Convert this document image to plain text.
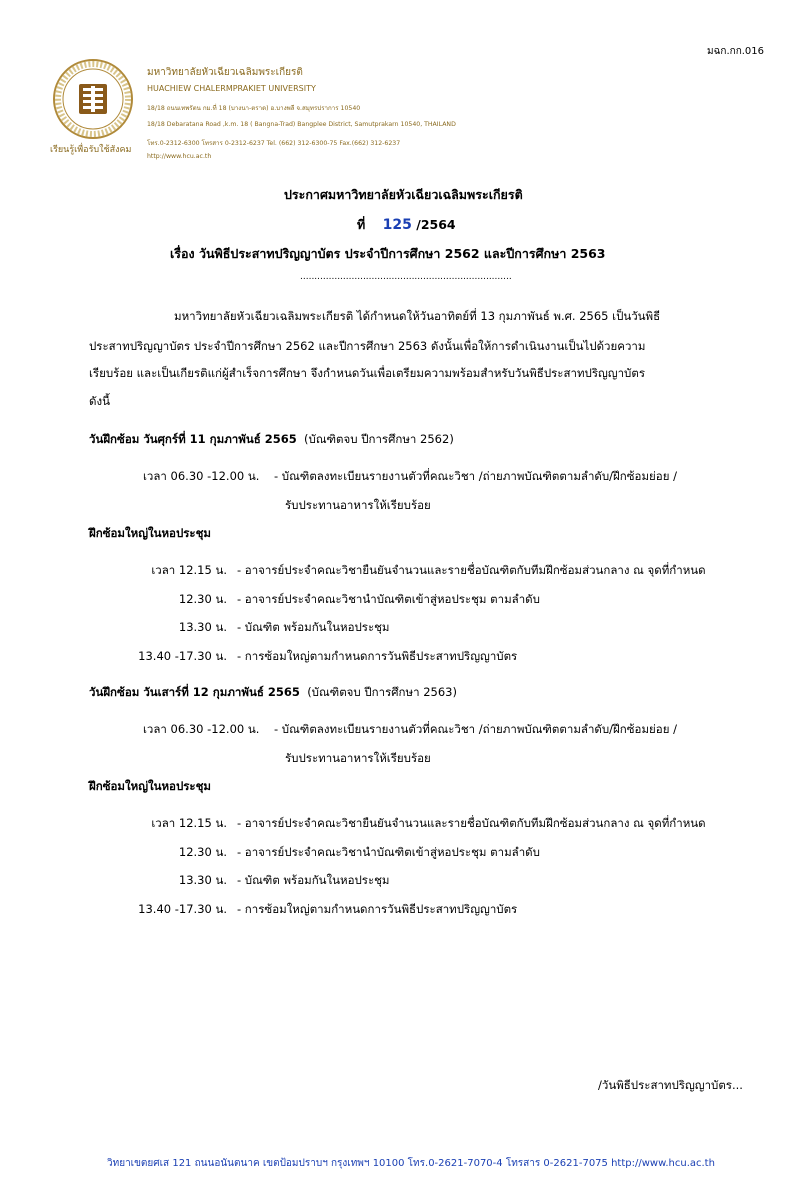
มฉก.กก.016
เรียนรู้เพื่อรับใช้สังคม
มหาวิทยาลัยหัวเฉียวเฉลิมพระเกียรติ
HUACHIEW CHALERMPRAKIET UNIVERSITY
18/18 ถนนเทพรัตน กม.ที่ 18 (บางนา-ตราด) อ.บางพลี จ.สมุทรปราการ 10540
18/18 Debaratana Road ,k.m. 18 ( Bangna-Trad) Bangplee District, Samutprakarn 10540, THAILAND
โทร.0-2312-6300 โทรสาร 0-2312-6237 Tel. (662) 312-6300-75 Fax.(662) 312-6237
http://www.hcu.ac.th
ประกาศมหาวิทยาลัยหัวเฉียวเฉลิมพระเกียรติ
ที่ 125 /2564
เรื่อง วันพิธีประสาทปริญญาบัตร ประจำปีการศึกษา 2562 และปีการศึกษา 2563
..........................................................................
มหาวิทยาลัยหัวเฉียวเฉลิมพระเกียรติ ได้กำหนดให้วันอาทิตย์ที่ 13 กุมภาพันธ์ พ.ศ. 2565 เป็นวันพิธี
ประสาทปริญญาบัตร ประจำปีการศึกษา 2562 และปีการศึกษา 2563 ดังนั้นเพื่อให้การดำเนินงานเป็นไปด้วยความ
เรียบร้อย และเป็นเกียรติแก่ผู้สำเร็จการศึกษา จึงกำหนดวันเพื่อเตรียมความพร้อมสำหรับวันพิธีประสาทปริญญาบัตร
ดังนี้
วันฝึกซ้อม วันศุกร์ที่ 11 กุมภาพันธ์ 2565 (บัณฑิตจบ ปีการศึกษา 2562)
เวลา 06.30 -12.00 น. - บัณฑิตลงทะเบียนรายงานตัวที่คณะวิชา /ถ่ายภาพบัณฑิตตามลำดับ/ฝึกซ้อมย่อย /
รับประทานอาหารให้เรียบร้อย
ฝึกซ้อมใหญ่ในหอประชุม
เวลา 12.15 น. - อาจารย์ประจำคณะวิชายืนยันจำนวนและรายชื่อบัณฑิตกับทีมฝึกซ้อมส่วนกลาง ณ จุดที่กำหนด
12.30 น. - อาจารย์ประจำคณะวิชานำบัณฑิตเข้าสู่หอประชุม ตามลำดับ
13.30 น. - บัณฑิต พร้อมกันในหอประชุม
13.40 -17.30 น. - การซ้อมใหญ่ตามกำหนดการวันพิธีประสาทปริญญาบัตร
วันฝึกซ้อม วันเสาร์ที่ 12 กุมภาพันธ์ 2565 (บัณฑิตจบ ปีการศึกษา 2563)
เวลา 06.30 -12.00 น. - บัณฑิตลงทะเบียนรายงานตัวที่คณะวิชา /ถ่ายภาพบัณฑิตตามลำดับ/ฝึกซ้อมย่อย /
รับประทานอาหารให้เรียบร้อย
ฝึกซ้อมใหญ่ในหอประชุม
เวลา 12.15 น. - อาจารย์ประจำคณะวิชายืนยันจำนวนและรายชื่อบัณฑิตกับทีมฝึกซ้อมส่วนกลาง ณ จุดที่กำหนด
12.30 น. - อาจารย์ประจำคณะวิชานำบัณฑิตเข้าสู่หอประชุม ตามลำดับ
13.30 น. - บัณฑิต พร้อมกันในหอประชุม
13.40 -17.30 น. - การซ้อมใหญ่ตามกำหนดการวันพิธีประสาทปริญญาบัตร
/วันพิธีประสาทปริญญาบัตร...
วิทยาเขตยศเส 121 ถนนอนันตนาค เขตป้อมปราบฯ กรุงเทพฯ 10100 โทร.0-2621-7070-4 โทรสาร 0-2621-7075 http://www.hcu.ac.th
